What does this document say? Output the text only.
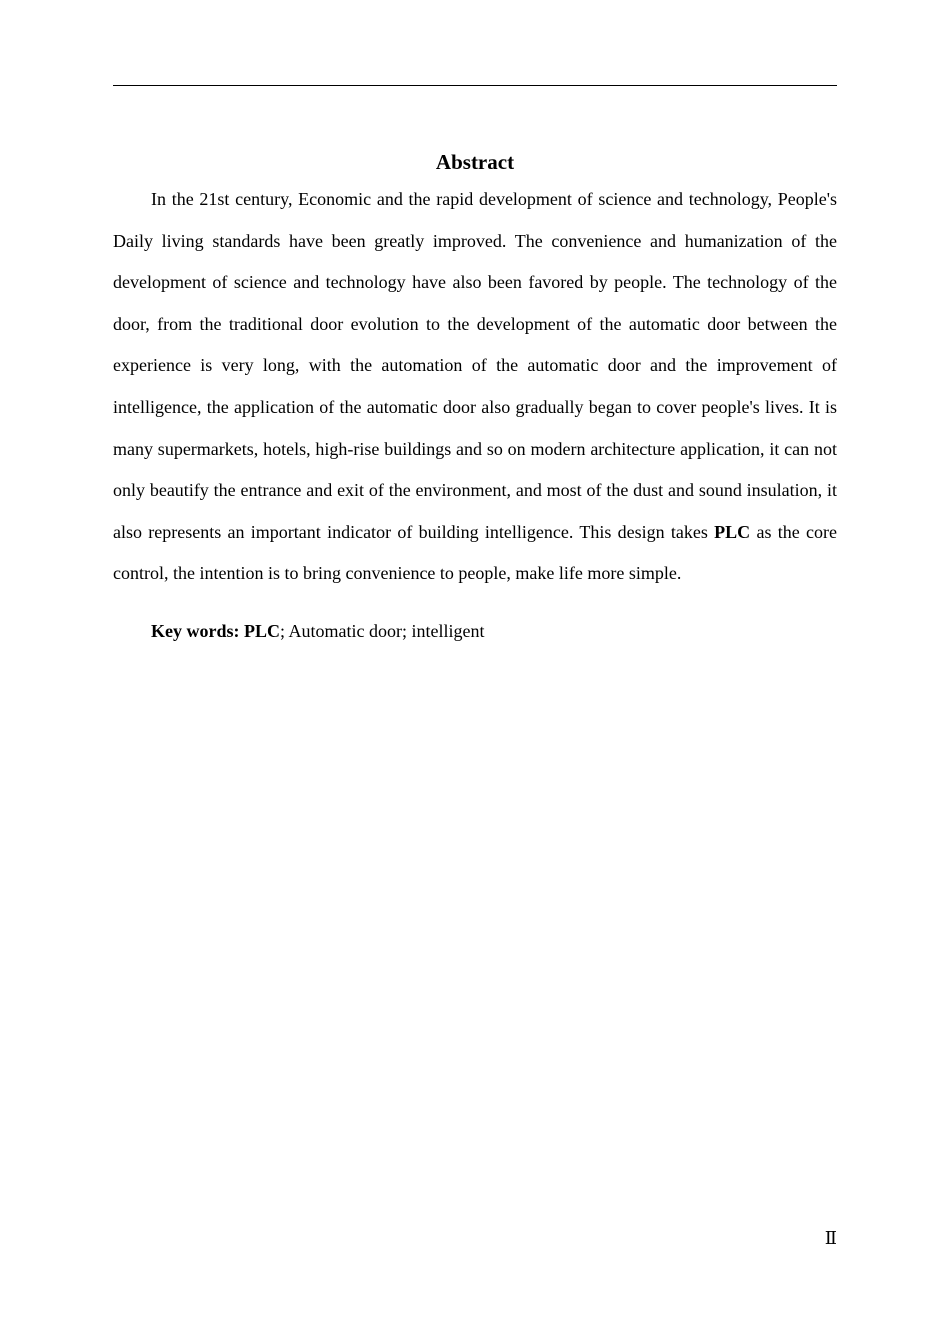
Abstract

In the 21st century, Economic and the rapid development of science and technology, People's Daily living standards have been greatly improved. The convenience and humanization of the development of science and technology have also been favored by people. The technology of the door, from the traditional door evolution to the development of the automatic door between the experience is very long, with the automation of the automatic door and the improvement of intelligence, the application of the automatic door also gradually began to cover people's lives. It is many supermarkets, hotels, high-rise buildings and so on modern architecture application, it can not only beautify the entrance and exit of the environment, and most of the dust and sound insulation, it also represents an important indicator of building intelligence. This design takes PLC as the core control, the intention is to bring convenience to people, make life more simple.

Key words: PLC; Automatic door; intelligent

Ⅱ
